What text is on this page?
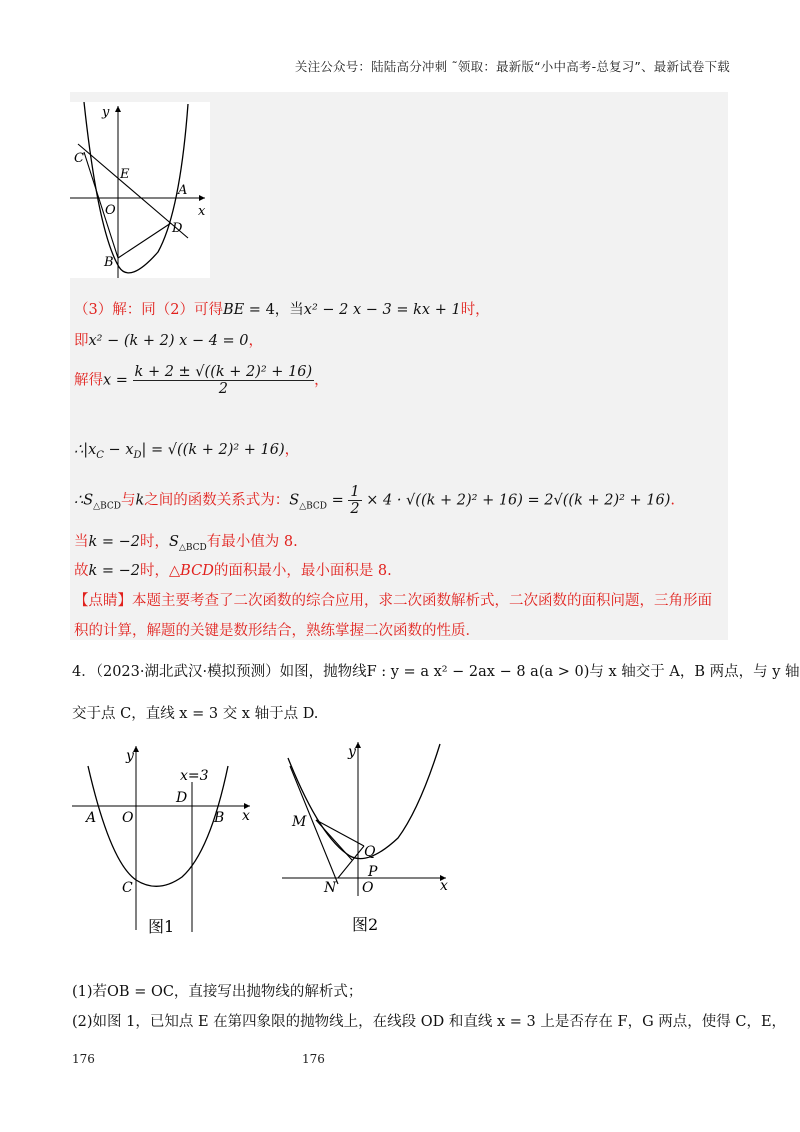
关注公众号：陆陆高分冲刺 ˜领取：最新版“小中高考-总复习”、最新试卷下载
y
x
C
E
A
O
D
B
（3）解：同（2）可得BE = 4，当x² − 2 x − 3 = kx + 1时，
即x² − (k + 2) x − 4 = 0，
解得$x = \frac{\text{k + 2 ± √((k + 2)² + 16)}}{2}$ ，
$\therefore|x_C - x_D| = √((k + 2)^2 + 16)$，
$\therefore S_{\triangle BCD}$与k之间的函数关系式为：$S_{\triangle BCD} = \frac{1}{2} \times 4 \cdot √((k + 2)^2 + 16) = 2√((k + 2)^2 + 16)$.
当k = −2时，$S_{\triangle BCD}$有最小值为 8.
故k = −2时，△BCD的面积最小，最小面积是 8.
【点睛】本题主要考查了二次函数的综合应用，求二次函数解析式，二次函数的面积问题，三角形面积的计算，解题的关键是数形结合，熟练掌握二次函数的性质．
4．（2023·湖北武汉·模拟预测）如图，抛物线F : y = a x² − 2ax − 8 a(a > 0)与 x 轴交于 A，B 两点，与 y 轴
交于点 C，直线 x = 3 交 x 轴于点 D.
y
x
x=3
D
A O	B
C
图1
y
x
M
Q
P
N O
图2
(1)若OB = OC，直接写出抛物线的解析式；
(2)如图 1，已知点 E 在第四象限的抛物线上，在线段 OD 和直线 x = 3 上是否存在 F，G 两点，使得 C，E，
176	176
